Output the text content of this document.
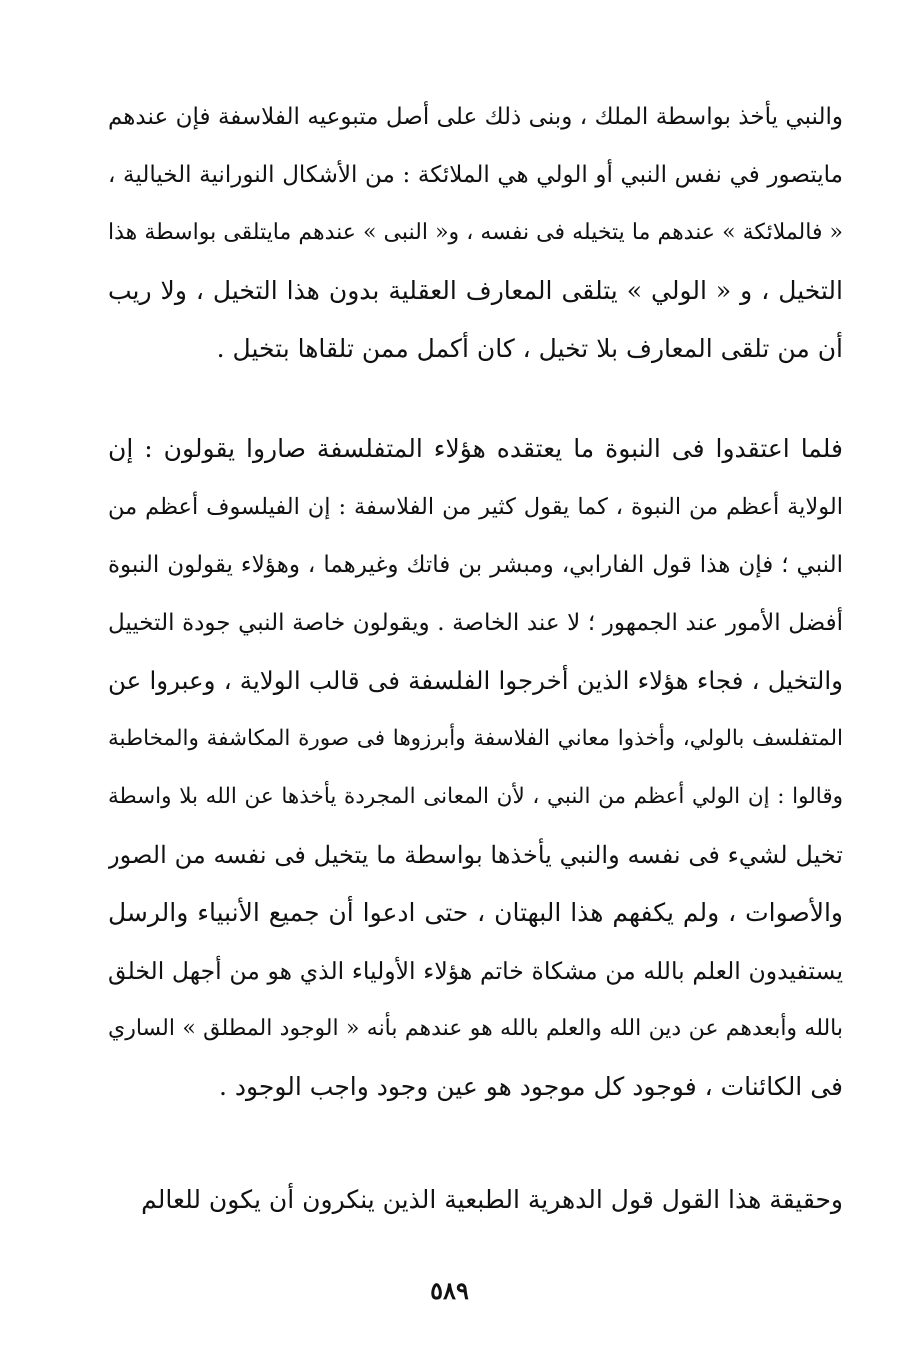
والنبي يأخذ بواسطة الملك ، وبنى ذلك على أصل متبوعيه الفلاسفة فإن عندهم
مايتصور في نفس النبي أو الولي هي الملائكة : من الأشكال النورانية الخيالية ،
« فالملائكة » عندهم ما يتخيله فى نفسه ، و« النبى » عندهم مايتلقى بواسطة هذا
التخيل ، و « الولي » يتلقى المعارف العقلية بدون هذا التخيل ، ولا ريب
أن من تلقى المعارف بلا تخيل ، كان أكمل ممن تلقاها بتخيل .
فلما اعتقدوا فى النبوة ما يعتقده هؤلاء المتفلسفة صاروا يقولون : إن
الولاية أعظم من النبوة ، كما يقول كثير من الفلاسفة : إن الفيلسوف أعظم من
النبي ؛ فإن هذا قول الفارابي، ومبشر بن فاتك وغيرهما ، وهؤلاء يقولون النبوة
أفضل الأمور عند الجمهور ؛ لا عند الخاصة . ويقولون خاصة النبي جودة التخييل
والتخيل ، فجاء هؤلاء الذين أخرجوا الفلسفة فى قالب الولاية ، وعبروا عن
المتفلسف بالولي، وأخذوا معاني الفلاسفة وأبرزوها فى صورة المكاشفة والمخاطبة
وقالوا : إن الولي أعظم من النبي ، لأن المعانى المجردة يأخذها عن الله بلا واسطة
تخيل لشيء فى نفسه والنبي يأخذها بواسطة ما يتخيل فى نفسه من الصور
والأصوات ، ولم يكفهم هذا البهتان ، حتى ادعوا أن جميع الأنبياء والرسل
يستفيدون العلم بالله من مشكاة خاتم هؤلاء الأولياء الذي هو من أجهل الخلق
بالله وأبعدهم عن دين الله والعلم بالله هو عندهم بأنه « الوجود المطلق » الساري
فى الكائنات ، فوجود كل موجود هو عين وجود واجب الوجود .
وحقيقة هذا القول قول الدهرية الطبعية الذين ينكرون أن يكون للعالم
٥٨٩
